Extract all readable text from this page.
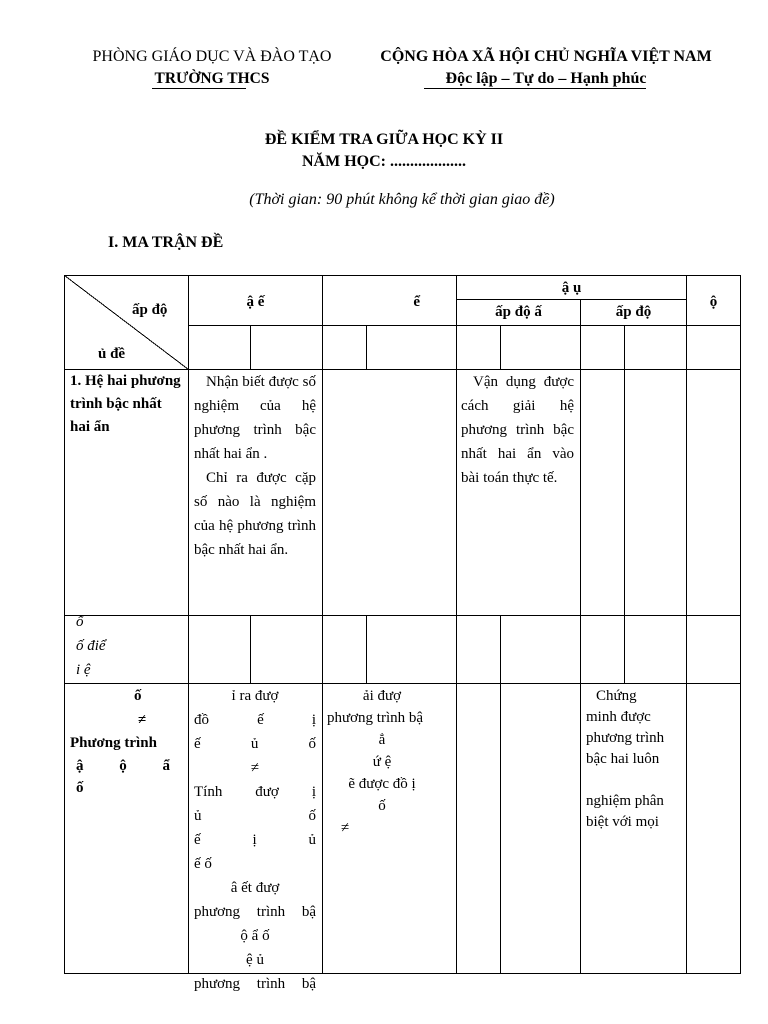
PHÒNG GIÁO DỤC VÀ ĐÀO TẠO
TRƯỜNG THCS
CỘNG HÒA XÃ HỘI CHỦ NGHĨA VIỆT NAM
Độc lập – Tự do – Hạnh phúc
ĐỀ KIỂM TRA GIỮA HỌC KỲ II
NĂM HỌC: ...................
(Thời gian: 90 phút không kể thời gian giao đề)
I. MA TRẬN ĐỀ
ấp độ
ủ đề
ậ ế	ể
ậ ụ
ấp độ ấ	ấp độ
ộ
1. Hệ hai phương trình bậc nhất hai ẩn
Nhận biết được số nghiệm của hệ phương trình bậc nhất hai ẩn .
Chỉ ra được cặp số nào là nghiệm của hệ phương trình bậc nhất hai ẩn.
Vận dụng được cách giải hệ phương trình bậc nhất hai ẩn vào bài toán thực tế.
ố
ố điể
i ệ
ố
≠
Phương trình
ậ ộ ẩ
ố
ỉ ra đượ
đồ ế ị
ế ủ ố
≠
Tính đượ ị
ủ ố
ế ị ủ
ế ố
â ết đượ
phương trình bậ
ộ ẩ ố
ệ ủ
phương trình bậ
ải đượ
phương trình bậ
ẳ
ứ ệ
ẽ được đồ ị
ố
≠
Chứng
minh được
phương trình
bậc hai luôn
nghiệm phân
biệt với mọi
